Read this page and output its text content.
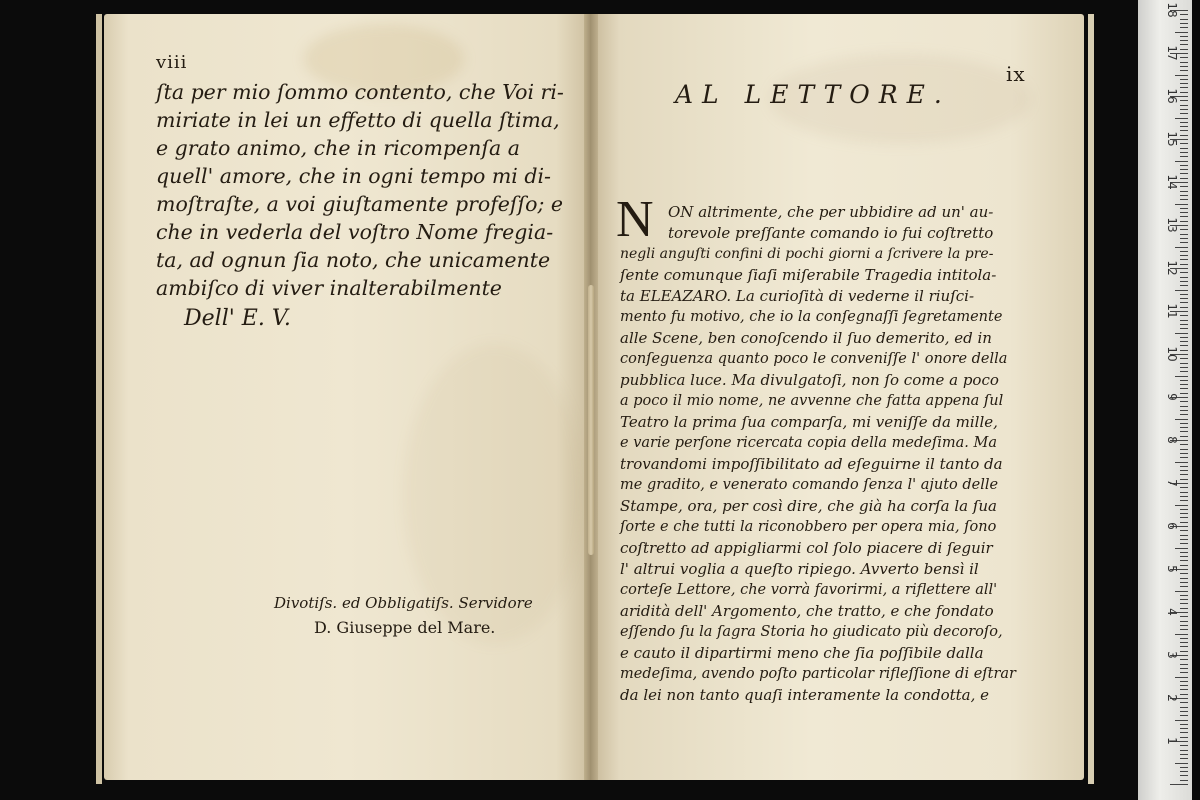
viii
ſta per mio ſommo contento, che Voi ri-
miriate in lei un effetto di quella ſtima,
e grato animo, che in ricompenſa a
quell' amore, che in ogni tempo mi di-
moſtraſte, a voi giuſtamente profeſſo; e
che in vederla del voſtro Nome fregia-
ta, ad ognun ſia noto, che unicamente
ambiſco di viver inalterabilmente
Dell' E. V.
Divotiſs. ed Obbligatiſs. Servidore
D. Giuseppe del Mare.
ix
AL LETTORE.
N ON altrimente, che per ubbidire ad un' au-
torevole preſſante comando io fui coſtretto
negli anguſti confini di pochi giorni a ſcrivere la pre-
ſente comunque ſiaſi miſerabile Tragedia intitola-
ta ELEAZARO. La curioſità di vederne il riuſci-
mento fu motivo, che io la conſegnaſſi ſegretamente
alle Scene, ben conoſcendo il ſuo demerito, ed in
conſeguenza quanto poco le conveniſſe l' onore della
pubblica luce. Ma divulgatoſi, non ſo come a poco
a poco il mio nome, ne avvenne che fatta appena ſul
Teatro la prima ſua comparſa, mi veniſſe da mille,
e varie perſone ricercata copia della medeſima. Ma
trovandomi impoſſibilitato ad eſeguirne il tanto da
me gradito, e venerato comando ſenza l' ajuto delle
Stampe, ora, per così dire, che già ha corſa la ſua
ſorte e che tutti la riconobbero per opera mia, ſono
coſtretto ad appigliarmi col ſolo piacere di ſeguir
l' altrui voglia a queſto ripiego. Avverto bensì il
corteſe Lettore, che vorrà favorirmi, a riflettere all'
aridità dell' Argomento, che tratto, e che fondato
eſſendo ſu la ſagra Storia ho giudicato più decoroſo,
e cauto il dipartirmi meno che ſia poſſibile dalla
medeſima, avendo poſto particolar rifleſſione di eſtrar
da lei non tanto quaſi interamente la condotta, e
1
2
3
4
5
6
7
8
9
10
11
12
13
14
15
16
17
18
